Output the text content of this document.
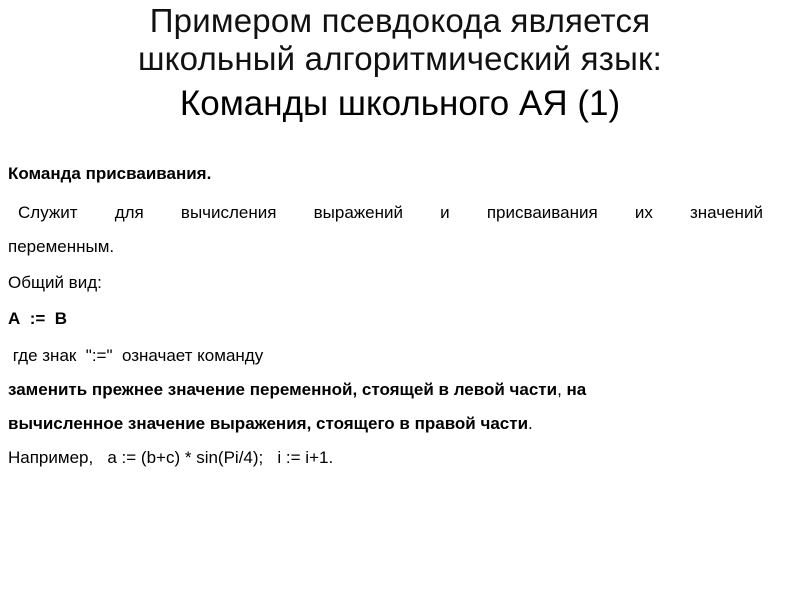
Примером псевдокода является
школьный алгоритмический язык:
Команды школьного АЯ (1)
Команда присваивания.
Служит для вычисления выражений и присваивания их значений
переменным.
Общий вид:
А  :=  В
где знак  ":="  означает команду
заменить прежнее значение переменной, стоящей в левой части, на
вычисленное значение выражения, стоящего в правой части.
Например,   a := (b+c) * sin(Pi/4);   i := i+1.
